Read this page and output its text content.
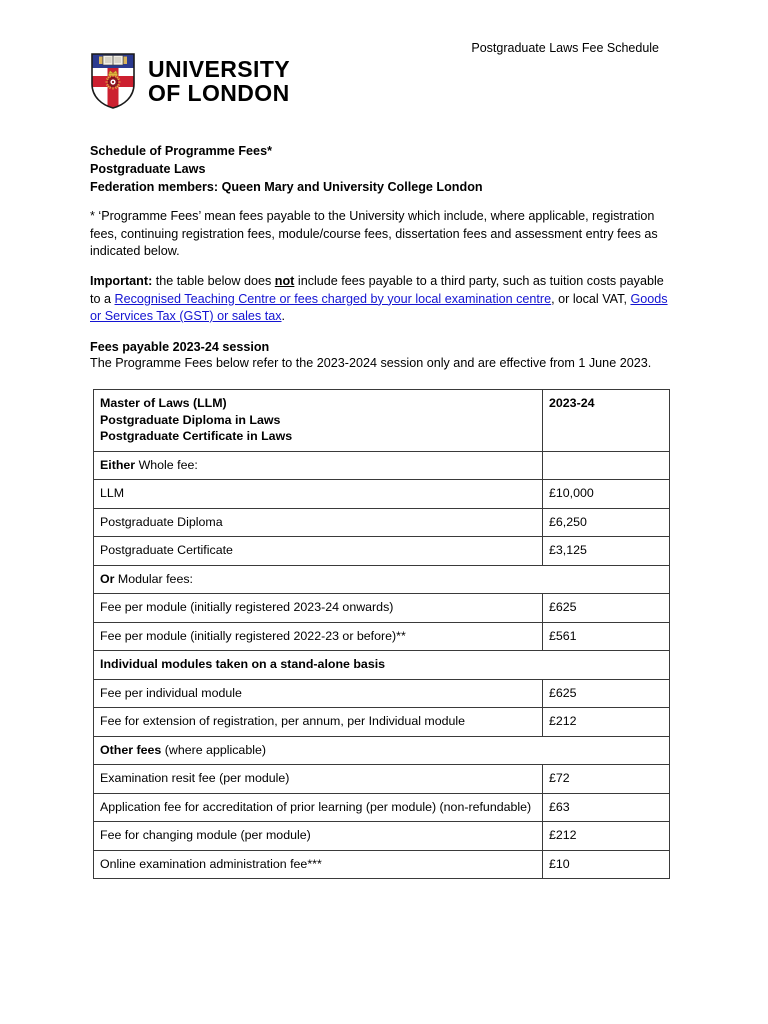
Postgraduate Laws Fee Schedule
UNIVERSITY
OF LONDON
Schedule of Programme Fees*
Postgraduate Laws
Federation members: Queen Mary and University College London
* ‘Programme Fees’ mean fees payable to the University which include, where applicable, registration fees, continuing registration fees, module/course fees, dissertation fees and assessment entry fees as indicated below.
Important: the table below does not include fees payable to a third party, such as tuition costs payable to a Recognised Teaching Centre or fees charged by your local examination centre, or local VAT, Goods or Services Tax (GST) or sales tax.
Fees payable 2023-24 session
The Programme Fees below refer to the 2023-2024 session only and are effective from 1 June 2023.
Master of Laws (LLM)
Postgraduate Diploma in Laws
Postgraduate Certificate in Laws	2023-24
Either Whole fee:	
LLM	£10,000
Postgraduate Diploma	£6,250
Postgraduate Certificate	£3,125
Or Modular fees:	
Fee per module (initially registered 2023-24 onwards)	£625
Fee per module (initially registered 2022-23 or before)**	£561
Individual modules taken on a stand-alone basis	
Fee per individual module	£625
Fee for extension of registration, per annum, per Individual module	£212
Other fees (where applicable)	
Examination resit fee (per module)	£72
Application fee for accreditation of prior learning (per module) (non-refundable)	£63
Fee for changing module (per module)	£212
Online examination administration fee***	£10
